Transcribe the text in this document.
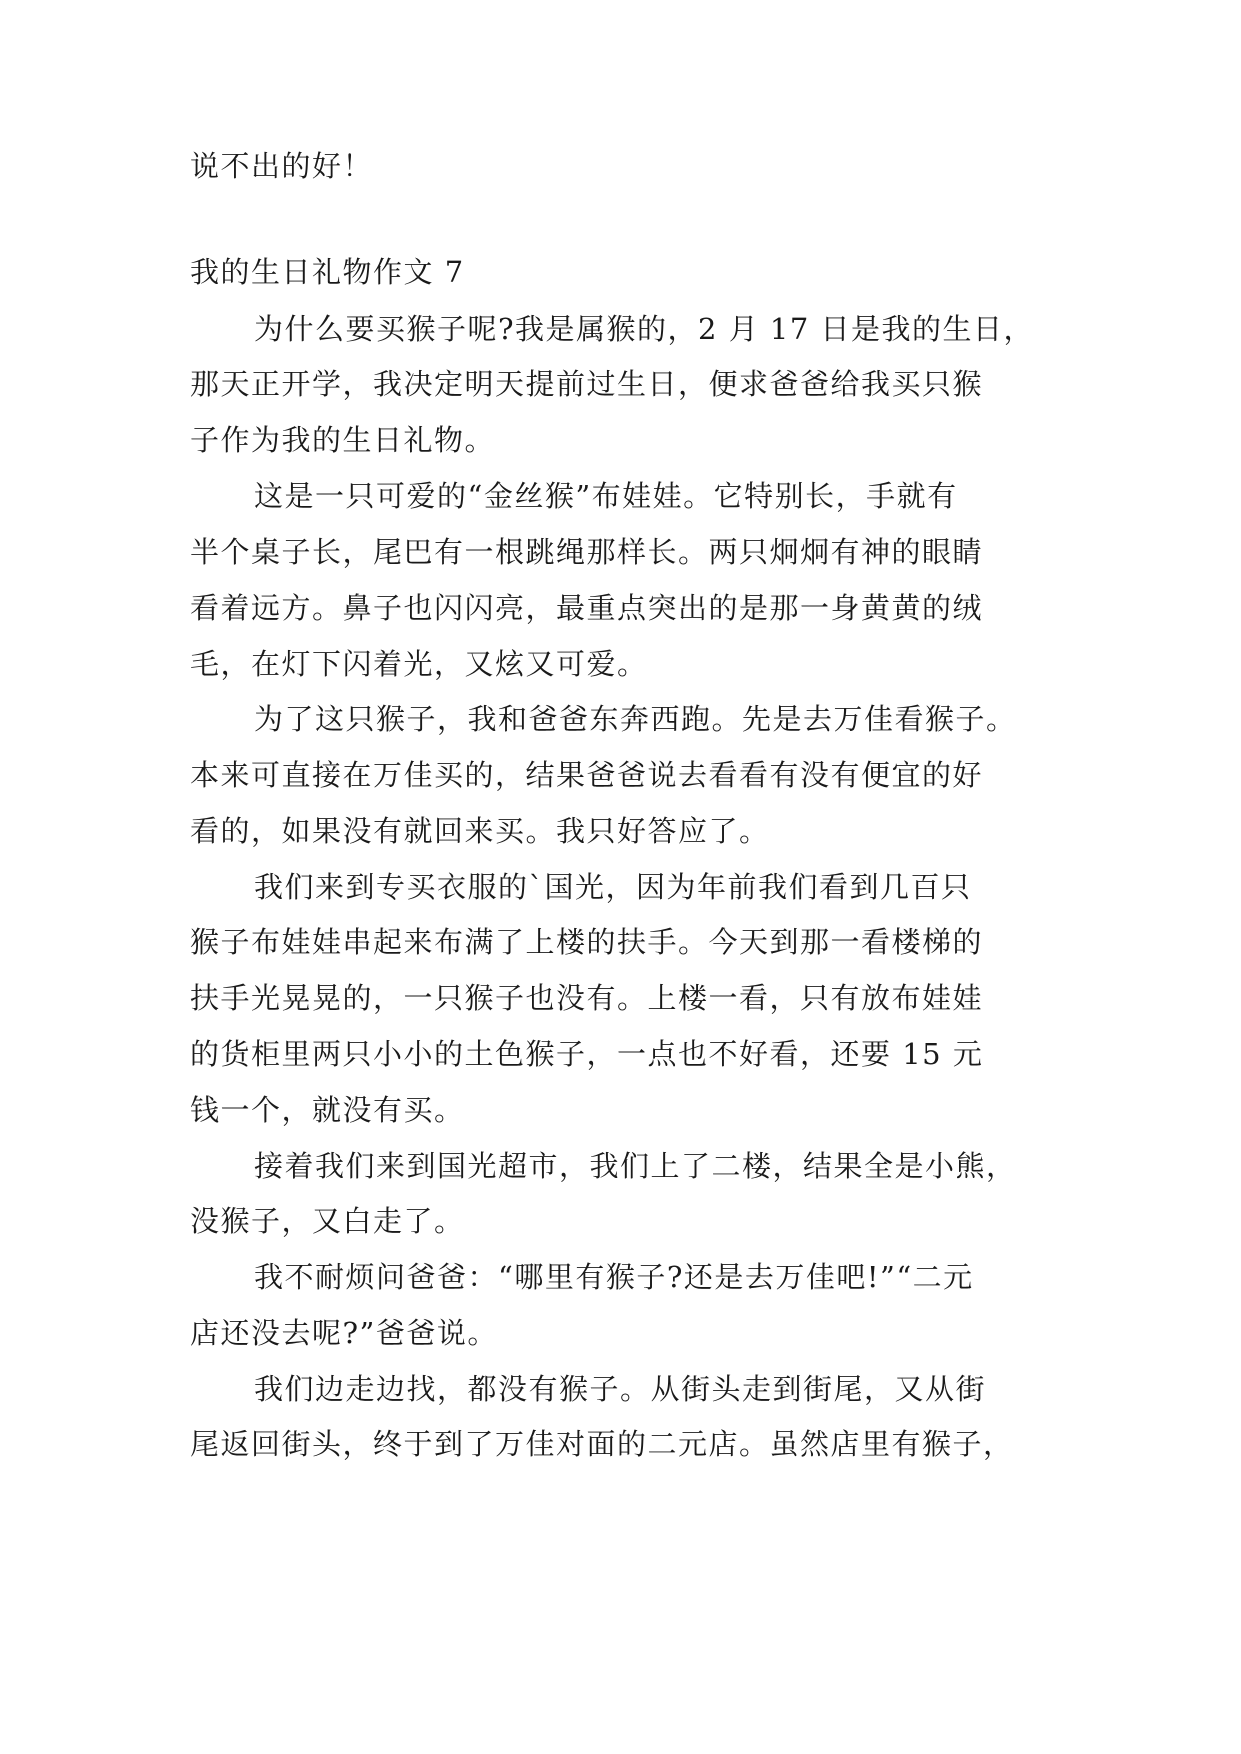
说不出的好！
我的生日礼物作文 7
为什么要买猴子呢?我是属猴的，2 月 17 日是我的生日，
那天正开学，我决定明天提前过生日，便求爸爸给我买只猴
子作为我的生日礼物。
这是一只可爱的“金丝猴”布娃娃。它特别长，手就有
半个桌子长，尾巴有一根跳绳那样长。两只炯炯有神的眼睛
看着远方。鼻子也闪闪亮，最重点突出的是那一身黄黄的绒
毛，在灯下闪着光，又炫又可爱。
为了这只猴子，我和爸爸东奔西跑。先是去万佳看猴子。
本来可直接在万佳买的，结果爸爸说去看看有没有便宜的好
看的，如果没有就回来买。我只好答应了。
我们来到专买衣服的`国光，因为年前我们看到几百只
猴子布娃娃串起来布满了上楼的扶手。今天到那一看楼梯的
扶手光晃晃的，一只猴子也没有。上楼一看，只有放布娃娃
的货柜里两只小小的土色猴子，一点也不好看，还要 15 元
钱一个，就没有买。
接着我们来到国光超市，我们上了二楼，结果全是小熊，
没猴子，又白走了。
我不耐烦问爸爸：“哪里有猴子?还是去万佳吧!”“二元
店还没去呢?”爸爸说。
我们边走边找，都没有猴子。从街头走到街尾，又从街
尾返回街头，终于到了万佳对面的二元店。虽然店里有猴子，
